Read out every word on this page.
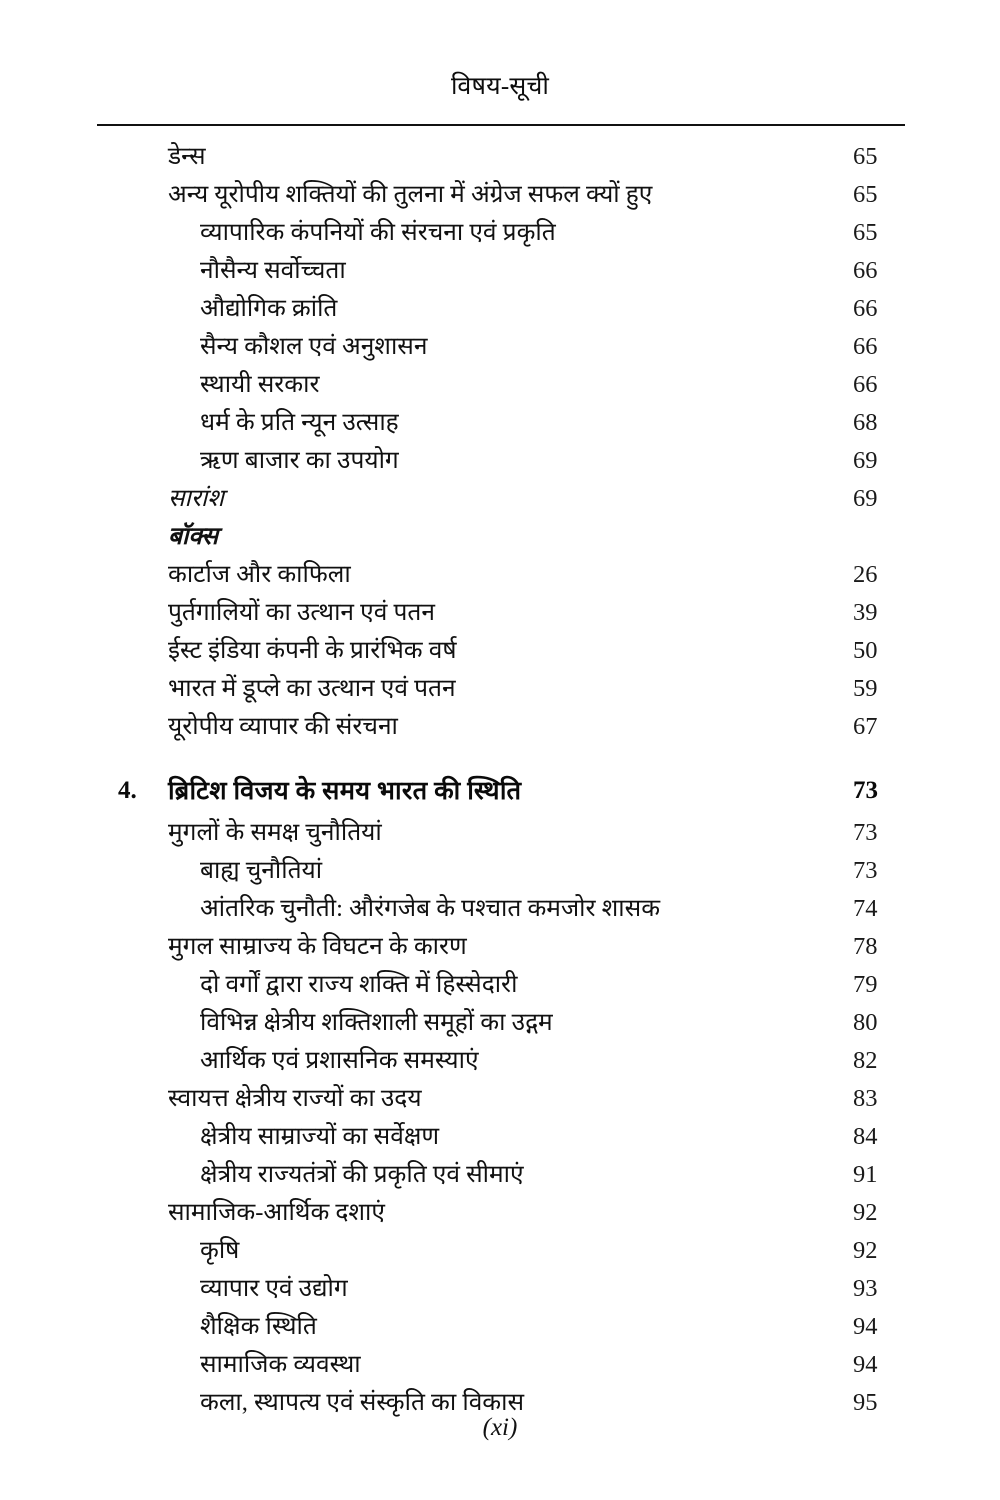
विषय-सूची
डेन्स	65
अन्य यूरोपीय शक्तियों की तुलना में अंग्रेज सफल क्यों हुए	65
व्यापारिक कंपनियों की संरचना एवं प्रकृति	65
नौसैन्य सर्वोच्चता	66
औद्योगिक क्रांति	66
सैन्य कौशल एवं अनुशासन	66
स्थायी सरकार	66
धर्म के प्रति न्यून उत्साह	68
ऋण बाजार का उपयोग	69
सारांश	69
बॉक्स
कार्टाज और काफिला	26
पुर्तगालियों का उत्थान एवं पतन	39
ईस्ट इंडिया कंपनी के प्रारंभिक वर्ष	50
भारत में डूप्ले का उत्थान एवं पतन	59
यूरोपीय व्यापार की संरचना	67
4. ब्रिटिश विजय के समय भारत की स्थिति	73
मुगलों के समक्ष चुनौतियां	73
बाह्य चुनौतियां	73
आंतरिक चुनौती: औरंगजेब के पश्चात कमजोर शासक	74
मुगल साम्राज्य के विघटन के कारण	78
दो वर्गों द्वारा राज्य शक्ति में हिस्सेदारी	79
विभिन्न क्षेत्रीय शक्तिशाली समूहों का उद्गम	80
आर्थिक एवं प्रशासनिक समस्याएं	82
स्वायत्त क्षेत्रीय राज्यों का उदय	83
क्षेत्रीय साम्राज्यों का सर्वेक्षण	84
क्षेत्रीय राज्यतंत्रों की प्रकृति एवं सीमाएं	91
सामाजिक-आर्थिक दशाएं	92
कृषि	92
व्यापार एवं उद्योग	93
शैक्षिक स्थिति	94
सामाजिक व्यवस्था	94
कला, स्थापत्य एवं संस्कृति का विकास	95
(xi)
